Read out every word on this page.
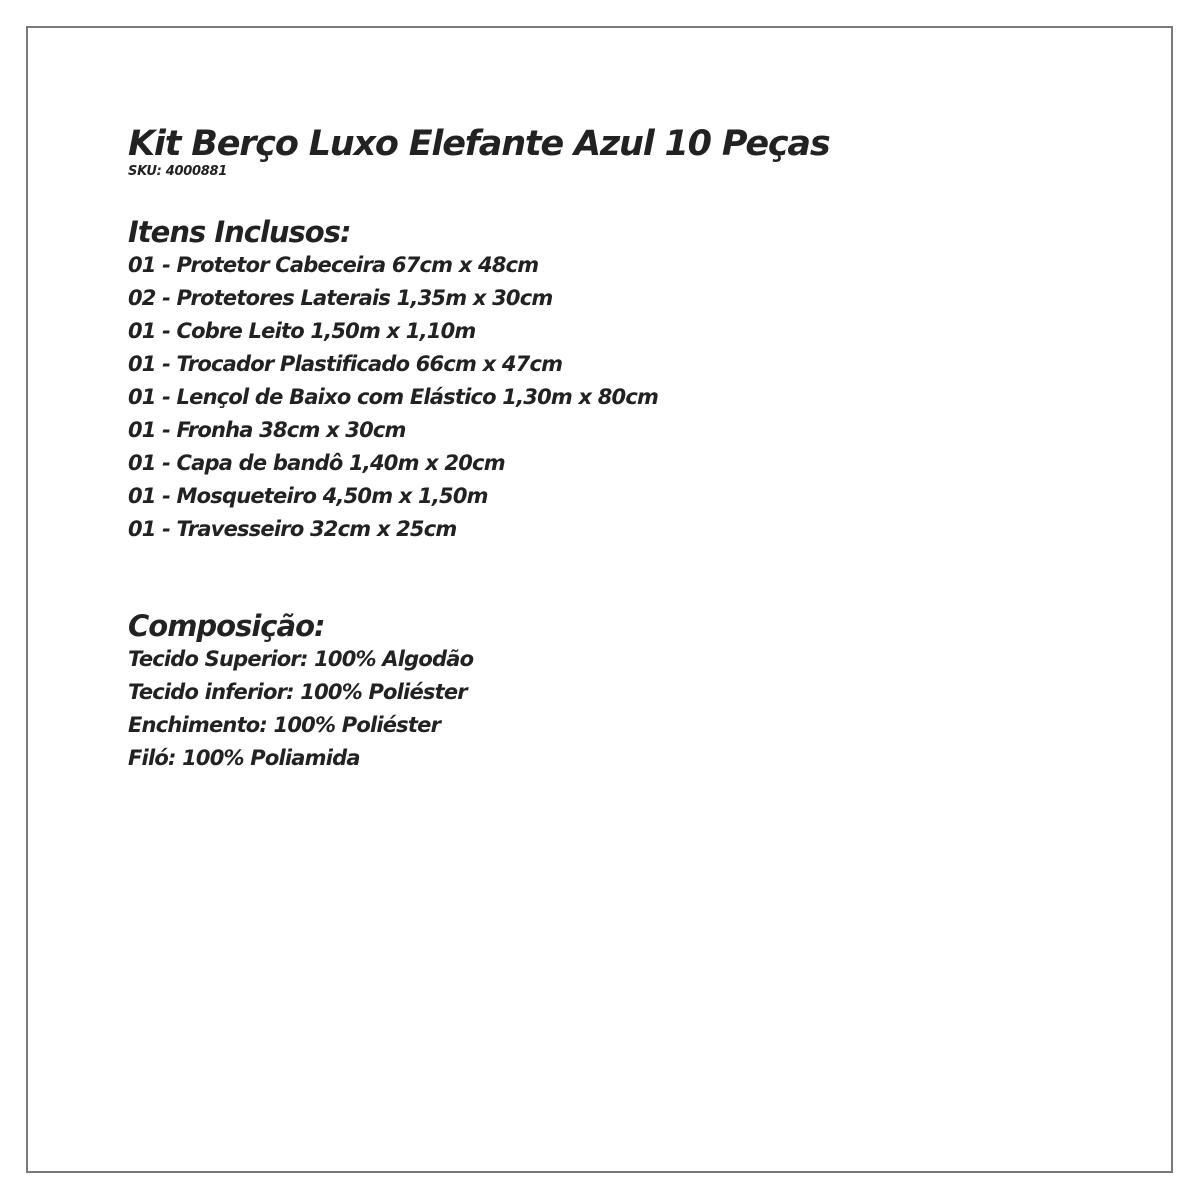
Kit Berço Luxo Elefante Azul 10 Peças

SKU: 4000881

Itens Inclusos:

01 - Protetor Cabeceira 67cm x 48cm

02 - Protetores Laterais 1,35m x 30cm

01 - Cobre Leito 1,50m x 1,10m

01 - Trocador Plastificado 66cm x 47cm

01 - Lençol de Baixo com Elástico 1,30m x 80cm

01 - Fronha 38cm x 30cm

01 - Capa de bandô 1,40m x 20cm

01 - Mosqueteiro 4,50m x 1,50m

01 - Travesseiro 32cm x 25cm

Composição:

Tecido Superior: 100% Algodão

Tecido inferior: 100% Poliéster

Enchimento: 100% Poliéster

Filó: 100% Poliamida
